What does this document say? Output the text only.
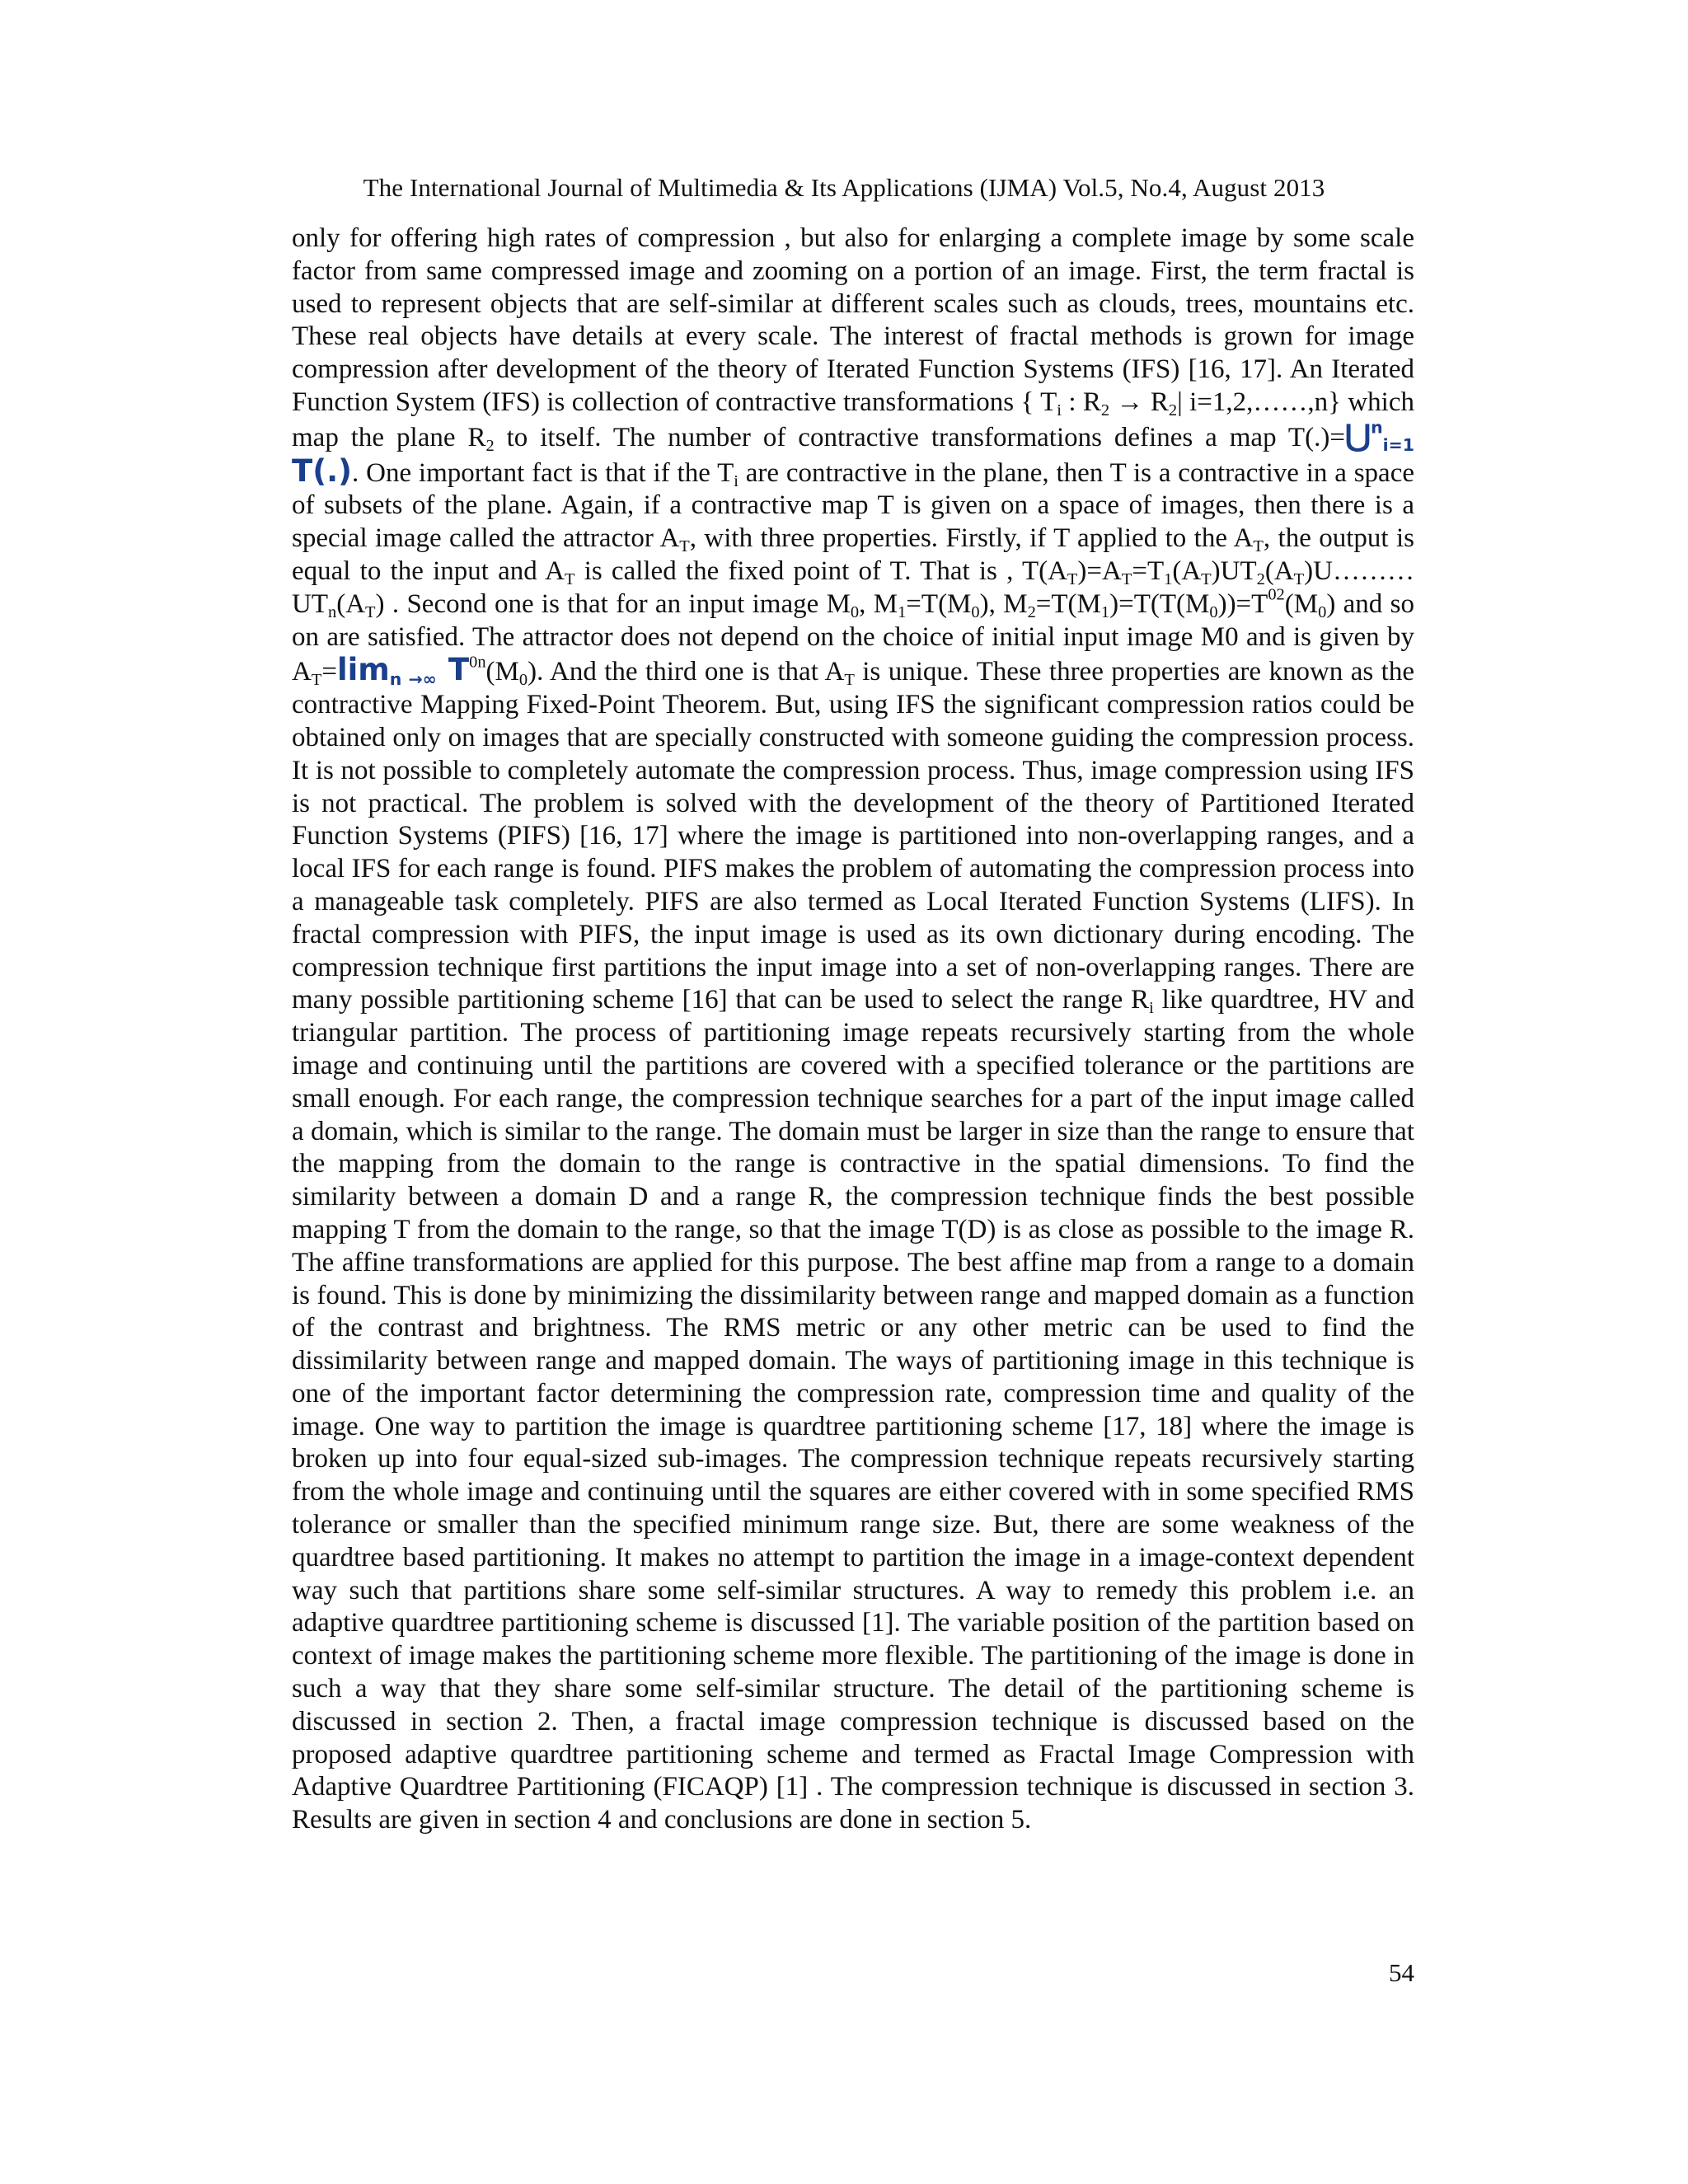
The International Journal of Multimedia & Its Applications (IJMA) Vol.5, No.4, August 2013

only for offering high rates of compression , but also for enlarging a complete image by some scale factor from same compressed image and zooming on a portion of an image. First, the term fractal is used to represent objects that are self-similar at different scales such as clouds, trees, mountains etc. These real objects have details at every scale. The interest of fractal methods is grown for image compression after development of the theory of Iterated Function Systems (IFS) [16, 17]. An Iterated Function System (IFS) is collection of contractive transformations { $T_i$ : $R_2 \to R_2|$ i=1,2,……,n} which map the plane $R_2$ to itself. The number of contractive transformations defines a map T(.)=⋃$^n_{i=1}$ T(.). One important fact is that if the $T_i$ are contractive in the plane, then T is a contractive in a space of subsets of the plane. Again, if a contractive map T is given on a space of images, then there is a special image called the attractor $A_T$, with three properties. Firstly, if T applied to the $A_T$, the output is equal to the input and $A_T$ is called the fixed point of T. That is , $T(A_T)=A_T=T_1(A_T)UT_2(A_T)U\dots\dots\dots UT_n(A_T)$ . Second one is that for an input image $M_0$, $M_1=T(M_0)$, $M_2=T(M_1)=T(T(M_0))=T^{02}(M_0)$ and so on are satisfied. The attractor does not depend on the choice of initial input image M0 and is given by $A_T=\lim_{n \to\infty}$ $T^{0n}(M_0)$. And the third one is that $A_T$ is unique. These three properties are known as the contractive Mapping Fixed-Point Theorem. But, using IFS the significant compression ratios could be obtained only on images that are specially constructed with someone guiding the compression process. It is not possible to completely automate the compression process. Thus, image compression using IFS is not practical. The problem is solved with the development of the theory of Partitioned Iterated Function Systems (PIFS) [16, 17] where the image is partitioned into non-overlapping ranges, and a local IFS for each range is found. PIFS makes the problem of automating the compression process into a manageable task completely. PIFS are also termed as Local Iterated Function Systems (LIFS). In fractal compression with PIFS, the input image is used as its own dictionary during encoding. The compression technique first partitions the input image into a set of non-overlapping ranges. There are many possible partitioning scheme [16] that can be used to select the range $R_i$ like quardtree, HV and triangular partition. The process of partitioning image repeats recursively starting from the whole image and continuing until the partitions are covered with a specified tolerance or the partitions are small enough. For each range, the compression technique searches for a part of the input image called a domain, which is similar to the range. The domain must be larger in size than the range to ensure that the mapping from the domain to the range is contractive in the spatial dimensions. To find the similarity between a domain D and a range R, the compression technique finds the best possible mapping T from the domain to the range, so that the image T(D) is as close as possible to the image R. The affine transformations are applied for this purpose. The best affine map from a range to a domain is found. This is done by minimizing the dissimilarity between range and mapped domain as a function of the contrast and brightness. The RMS metric or any other metric can be used to find the dissimilarity between range and mapped domain. The ways of partitioning image in this technique is one of the important factor determining the compression rate, compression time and quality of the image. One way to partition the image is quardtree partitioning scheme [17, 18] where the image is broken up into four equal-sized sub-images. The compression technique repeats recursively starting from the whole image and continuing until the squares are either covered with in some specified RMS tolerance or smaller than the specified minimum range size. But, there are some weakness of the quardtree based partitioning. It makes no attempt to partition the image in a image-context dependent way such that partitions share some self-similar structures. A way to remedy this problem i.e. an adaptive quardtree partitioning scheme is discussed [1]. The variable position of the partition based on context of image makes the partitioning scheme more flexible. The partitioning of the image is done in such a way that they share some self-similar structure. The detail of the partitioning scheme is discussed in section 2. Then, a fractal image compression technique is discussed based on the proposed adaptive quardtree partitioning scheme and termed as Fractal Image Compression with Adaptive Quardtree Partitioning (FICAQP) [1] . The compression technique is discussed in section 3. Results are given in section 4 and conclusions are done in section 5.

54
